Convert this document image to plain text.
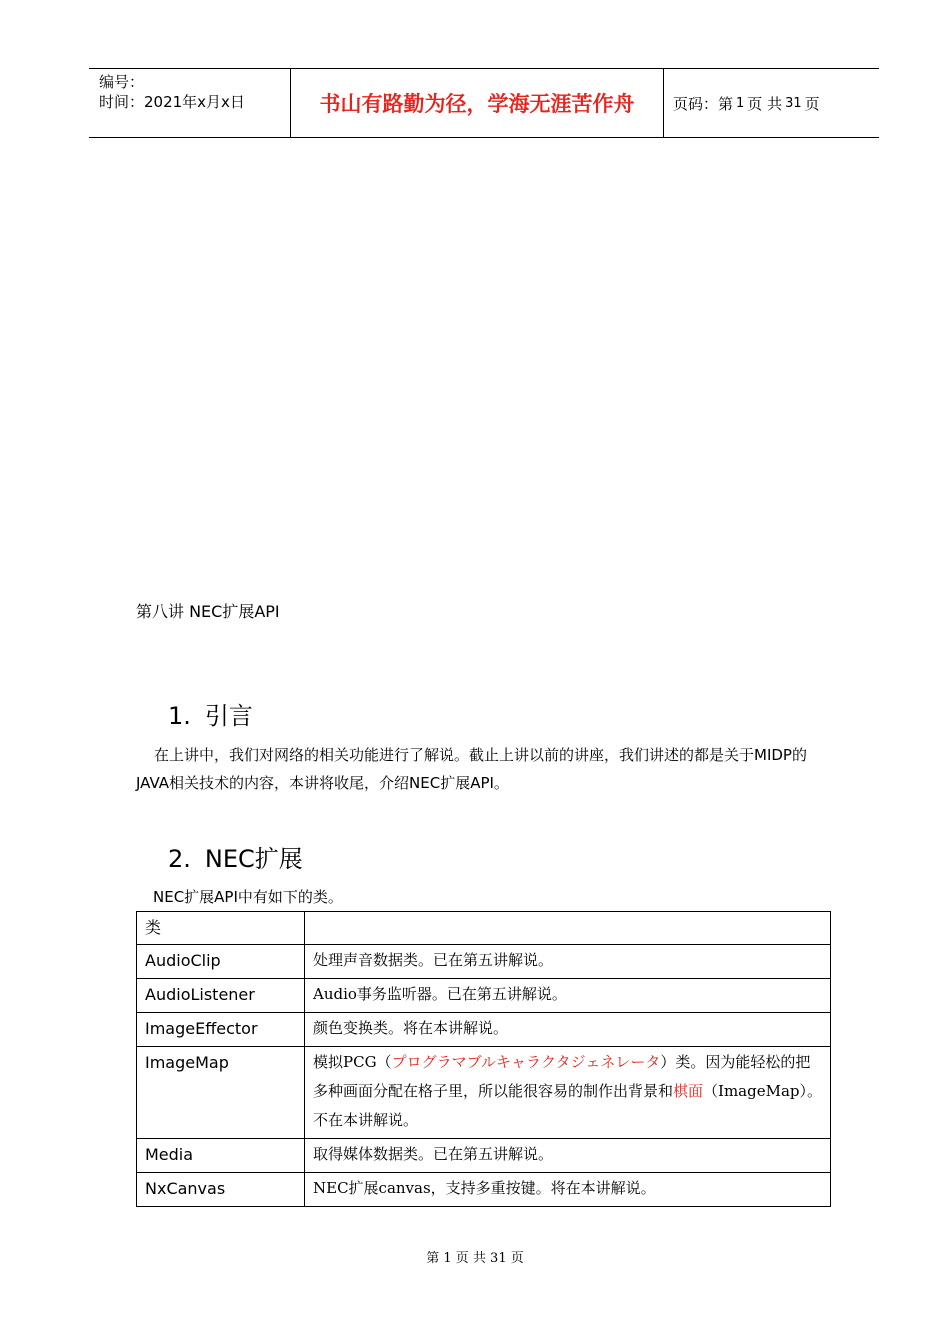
编号：
时间：2021年x月x日	书山有路勤为径，学海无涯苦作舟	页码：第 1 页 共 31 页
第八讲 NEC扩展API
1. 引言
在上讲中，我们对网络的相关功能进行了解说。截止上讲以前的讲座，我们讲述的都是关于MIDP的JAVA相关技术的内容，本讲将收尾，介绍NEC扩展API。
2. NEC扩展
NEC扩展API中有如下的类。
类	
AudioClip	处理声音数据类。已在第五讲解说。
AudioListener	Audio事务监听器。已在第五讲解说。
ImageEffector	颜色变换类。将在本讲解说。
ImageMap	模拟PCG（プログラマブルキャラクタジェネレータ）类。因为能轻松的把多种画面分配在格子里，所以能很容易的制作出背景和棋面（ImageMap）。不在本讲解说。
Media	取得媒体数据类。已在第五讲解说。
NxCanvas	NEC扩展canvas，支持多重按键。将在本讲解说。
第 1 页 共 31 页
